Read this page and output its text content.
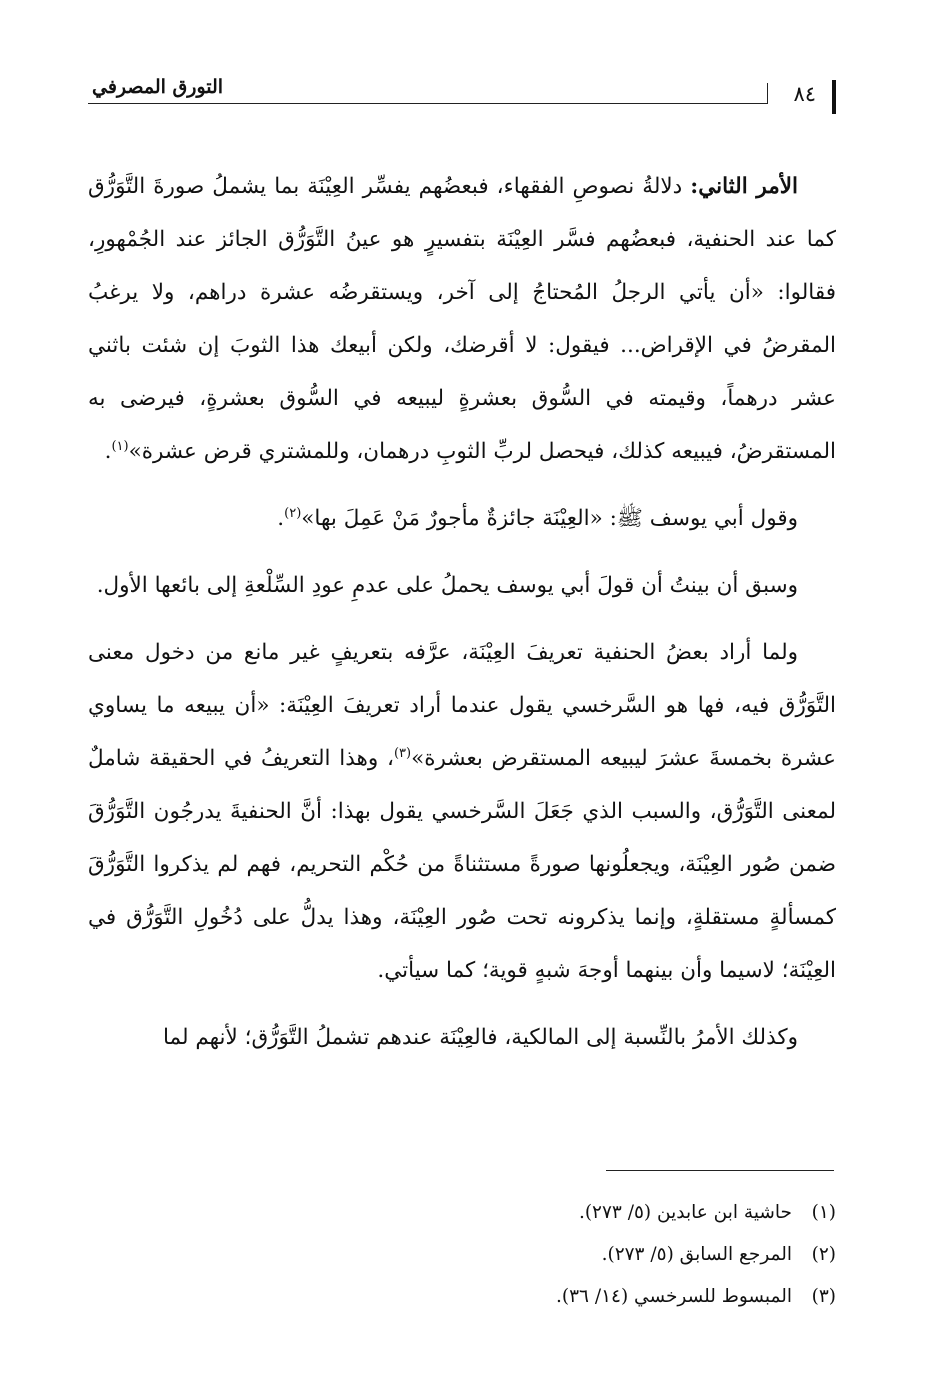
التورق المصرفي	٨٤

الأمر الثاني: دلالةُ نصوصِ الفقهاء، فبعضُهم يفسِّر العِيْنَة بما يشملُ صورةَ التَّوَرُّق كما عند الحنفية، فبعضُهم فسَّر العِيْنَة بتفسيرٍ هو عينُ التَّوَرُّق الجائز عند الجُمْهورِ، فقالوا: «أن يأتي الرجلُ المُحتاجُ إلى آخر، ويستقرضُه عشرة دراهم، ولا يرغبُ المقرضُ في الإقراض... فيقول: لا أقرضك، ولكن أبيعك هذا الثوبَ إن شئت باثني عشر درهماً، وقيمته في السُّوق بعشرةٍ ليبيعه في السُّوق بعشرةٍ، فيرضى به المستقرضُ، فيبيعه كذلك، فيحصل لربِّ الثوبِ درهمان، وللمشتري قرض عشرة»$^{(١)}$.

وقول أبي يوسف ﷺ: «العِيْنَة جائزةٌ مأجورٌ مَنْ عَمِلَ بها»$^{(٢)}$.

وسبق أن بينتُ أن قولَ أبي يوسف يحملُ على عدمِ عودِ السِّلْعةِ إلى بائعها الأول.

ولما أراد بعضُ الحنفية تعريفَ العِيْنَة، عرَّفه بتعريفٍ غير مانع من دخول معنى التَّوَرُّق فيه، فها هو السَّرخسي يقول عندما أراد تعريفَ العِيْنَة: «أن يبيعه ما يساوي عشرة بخمسةَ عشرَ ليبيعه المستقرض بعشرة»$^{(٣)}$، وهذا التعريفُ في الحقيقة شاملٌ لمعنى التَّوَرُّق، والسبب الذي جَعَلَ السَّرخسي يقول بهذا: أنَّ الحنفيةَ يدرجُون التَّوَرُّقَ ضمن صُور العِيْنَة، ويجعلُونها صورةً مستثناةً من حُكْم التحريم، فهم لم يذكروا التَّوَرُّقَ كمسألةٍ مستقلةٍ، وإنما يذكرونه تحت صُور العِيْنَة، وهذا يدلُّ على دُخُولِ التَّوَرُّق في العِيْنَة؛ لاسيما وأن بينهما أوجهَ شبهٍ قوية؛ كما سيأتي.

وكذلك الأمرُ بالنِّسبة إلى المالكية، فالعِيْنَة عندهم تشملُ التَّوَرُّق؛ لأنهم لما

(١)حاشية ابن عابدين (٥/ ٢٧٣).
(٢)المرجع السابق (٥/ ٢٧٣).
(٣)المبسوط للسرخسي (١٤/ ٣٦).
